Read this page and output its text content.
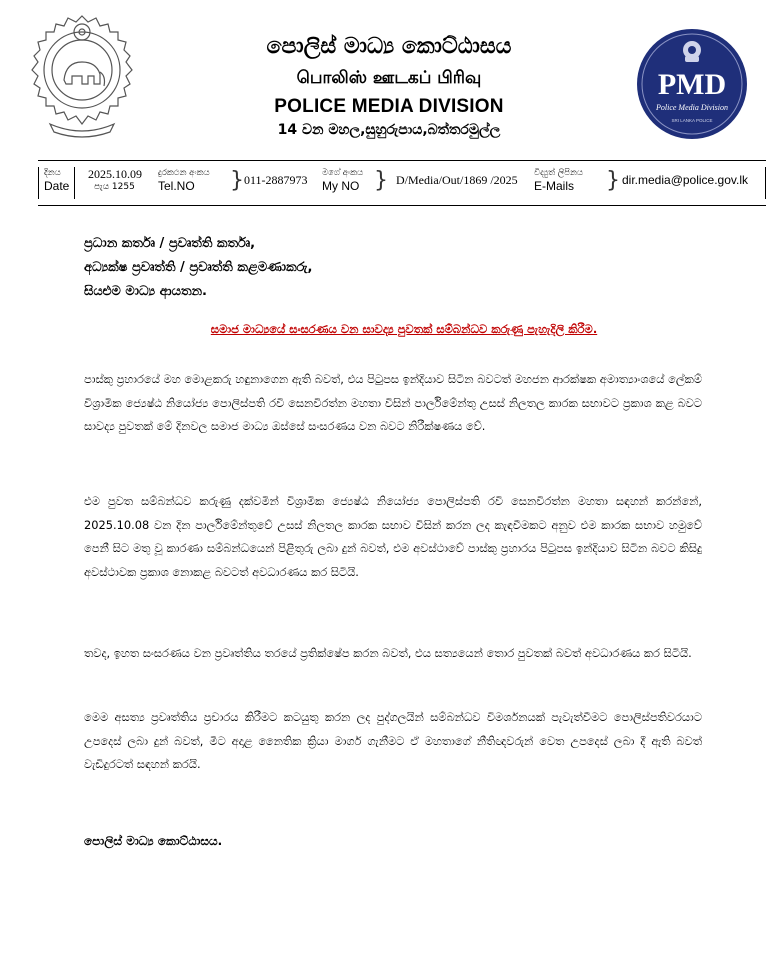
පොලිස් මාධ්‍ය කොට්ඨාසය
பொலிஸ் ஊடகப் பிரிவு
POLICE MEDIA DIVISION
14 වන මහල,සුහුරුපාය,බත්තරමුල්ල
PMD
Police Media Division
SRI LANKA POLICE
දිනය
Date
2025.10.09
පැය 1255
දුරකථන අංකය
Tel.NO	} 011-2887973 මගේ අංකය
My NO } D/Media/Out/1869 /2025 විද්‍යුත් ලිපිනය
E-Mails	} dir.media@police.gov.lk
ප්‍රධාන කර්තෘ / ප්‍රවෘත්ති කර්තෘ,
අධ්‍යක්ෂ ප්‍රවෘත්ති / ප්‍රවෘත්ති කළමණාකරු,
සියළුම මාධ්‍ය ආයතන.
සමාජ මාධ්‍යයේ සංසරණය වන සාවද්‍ය පුවතක් සම්බන්ධව කරුණු පැහැදිලි කිරීම.
පාස්කු ප්‍රහාරයේ මහ මොළකරු හඳුනාගෙන ඇති බවත්, එය පිටුපස ඉන්දියාව සිටින බවටත් මහජන ආරක්ෂක අමාත්‍යාංශයේ ලේකම් විශ්‍රාමික ජ්‍යෙෂ්ඨ නියෝජ්‍ය පොලිස්පති රවි සෙනවිරත්න මහතා විසින් පාර්ලිමේන්තු උසස් නිලතල කාරක සභාවට ප්‍රකාශ කළ බවට සාවද්‍ය පුවතක් මේ දිනවල සමාජ මාධ්‍ය ඔස්සේ සංසරණය වන බවට නිරීක්ෂණය වේ.
එම පුවත සම්බන්ධව කරුණු දක්වමින් විශ්‍රාමික ජ්‍යෙෂ්ඨ නියෝජ්‍ය පොලිස්පති රවි සෙනවිරත්න මහතා සඳහන් කරන්නේ, 2025.10.08 වන දින පාර්ලිමේන්තුවේ උසස් නිලතල කාරක සභාව විසින් කරන ලද කැඳවීමකට අනුව එම කාරක සභාව හමුවේ පෙනී සිට මතු වූ කාරණා සම්බන්ධයෙන් පිළිතුරු ලබා දුන් බවත්, එම අවස්ථාවේ පාස්කු ප්‍රහාරය පිටුපස ඉන්දියාව සිටින බවට කිසිදු අවස්ථාවක ප්‍රකාශ නොකළ බවටත් අවධාරණය කර සිටියි.
තවද, ඉහත සංසරණය වන ප්‍රවෘත්තිය තරයේ ප්‍රතික්ෂේප කරන බවත්, එය සත්‍යයෙන් තොර පුවතක් බවත් අවධාරණය කර සිටියි.
මෙම අසත්‍ය ප්‍රවෘත්තිය ප්‍රචාරය කිරීමට කටයුතු කරන ලද පුද්ගලයින් සම්බන්ධව විමර්ශනයක් පැවැත්වීමට පොලිස්පතිවරයාට උපදෙස් ලබා දුන් බවත්, මීට අදාළ නෛතික ක්‍රියා මාර්ග ගැනීමට ඒ මහතාගේ නීතිඥවරුන් වෙත උපදෙස් ලබා දී ඇති බවත් වැඩිදුරටත් සඳහන් කරයි.
පොලිස් මාධ්‍ය කොට්ඨාසය.
